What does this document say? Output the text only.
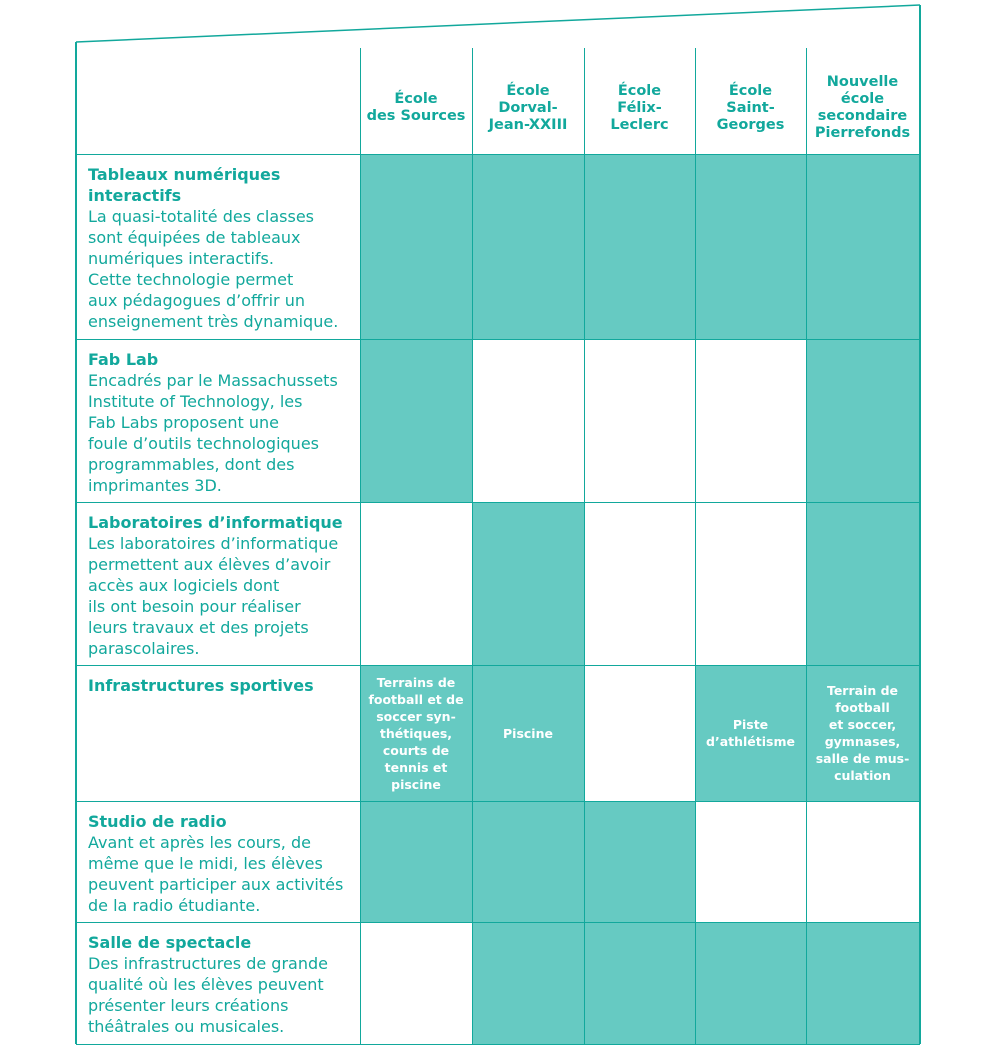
Terrains de
football et de
soccer syn-
thétiques,
courts de
tennis et
piscine
Piscine
Piste
d’athlétisme
Terrain de
football
et soccer,
gymnases,
salle de mus-
culation
École
des Sources
École
Dorval-
Jean-XXIII
École
Félix-
Leclerc
École
Saint-
Georges
Nouvelle
école
secondaire
Pierrefonds
Tableaux numériques
interactifs
La quasi-totalité des classes
sont équipées de tableaux
numériques interactifs.
Cette technologie permet
aux pédagogues d’offrir un
enseignement très dynamique.
Fab Lab
Encadrés par le Massachussets
Institute of Technology, les
Fab Labs proposent une
foule d’outils technologiques
programmables, dont des
imprimantes 3D.
Laboratoires d’informatique
Les laboratoires d’informatique
permettent aux élèves d’avoir
accès aux logiciels dont
ils ont besoin pour réaliser
leurs travaux et des projets
parascolaires.
Infrastructures sportives
Studio de radio
Avant et après les cours, de
même que le midi, les élèves
peuvent participer aux activités
de la radio étudiante.
Salle de spectacle
Des infrastructures de grande
qualité où les élèves peuvent
présenter leurs créations
théâtrales ou musicales.
